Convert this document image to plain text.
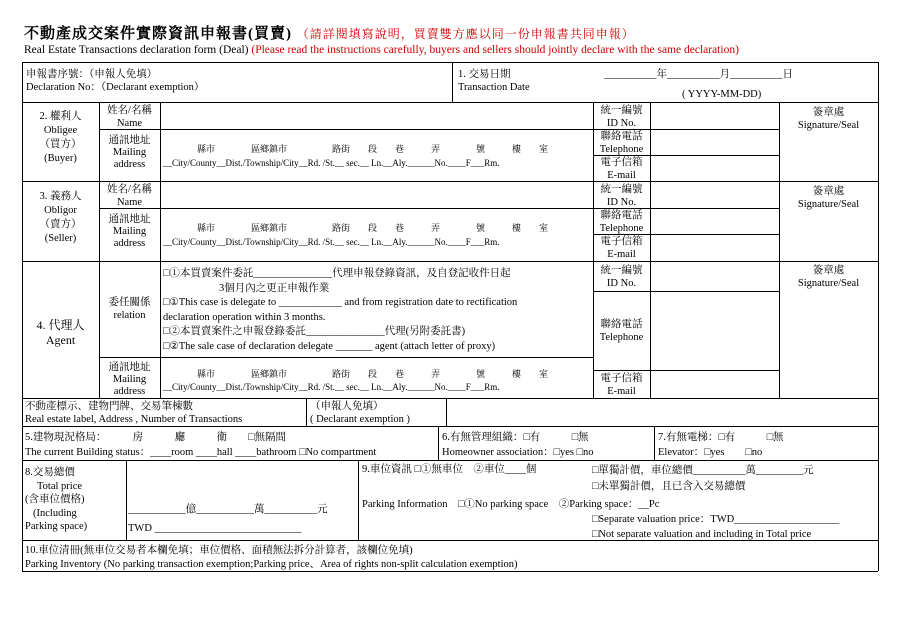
不動產成交案件實際資訊申報書(買賣) （請詳閱填寫說明，買賣雙方應以同一份申報書共同申報）
Real Estate Transactions declaration form (Deal) (Please read the instructions carefully, buyers and sellers should jointly declare with the same declaration)
申報書序號：（申報人免填）
Declaration No：（Declarant exemption）
1. 交易日期
Transaction Date
__________年__________月__________日
( YYYY-MM-DD)
2. 權利人
Obligee
（買方）
(Buyer)
姓名/名稱
Name
通訊地址
Mailing
address
縣市　　　　區鄉鎮市　　　　　路街　　段　　巷　　　弄　　　　號　　　樓　　室
__City/County__Dist./Township/City__Rd. /St.__ sec.__ Ln.__Aly.______No.____F___Rm.
統一編號
ID No.
聯絡電話
Telephone
電子信箱
E-mail
簽章處
Signature/Seal
3. 義務人
Obligor
（賣方）
(Seller)
姓名/名稱
Name
通訊地址
Mailing
address
縣市　　　　區鄉鎮市　　　　　路街　　段　　巷　　　弄　　　　號　　　樓　　室
__City/County__Dist./Township/City__Rd. /St.__ sec.__ Ln.__Aly.______No.____F___Rm.
統一編號
ID No.
聯絡電話
Telephone
電子信箱
E-mail
簽章處
Signature/Seal
4. 代理人
Agent
委任關係
relation
□①本買賣案件委託_______________代理申報登錄資訊，及自登記收件日起
3個月內之更正申報作業
□①This case is delegate to ____________ and from registration date to rectification
declaration operation within 3 months.
□②本買賣案件之申報登錄委託_______________代理(另附委託書)
□②The sale case of declaration delegate _______ agent (attach letter of proxy)
通訊地址
Mailing
address
縣市　　　　區鄉鎮市　　　　　路街　　段　　巷　　　弄　　　　號　　　樓　　室
__City/County__Dist./Township/City__Rd. /St.__ sec.__ Ln.__Aly.______No.____F___Rm.
統一編號
ID No.
聯絡電話
Telephone
電子信箱
E-mail
簽章處
Signature/Seal
不動產標示、建物門牌、交易筆棟數
Real estate label, Address , Number of Transactions
（申報人免填）
( Declarant exemption )
5.建物現況格局：　　　房　　　廳　　　衛　　□無隔間
The current Building status：____room ____hall ____bathroom □No compartment
6.有無管理組織：□有　　　□無
Homeowner association：□yes □no
7.有無電梯：□有　　　□無
Elevator：□yes　　□no
8.交易總價
Total price
(含車位價格)
(Including
Parking space)
___________億___________萬__________元
TWD ____________________________
9.車位資訊 □①無車位　②車位____個
Parking Information　□①No parking space　②Parking space：__Pc
□單獨計價，車位總價__________萬_________元
□未單獨計價，且已含入交易總價
□Separate valuation price：TWD____________________
□Not separate valuation and including in Total price
10.車位清冊(無車位交易者本欄免填；車位價格、面積無法拆分計算者，該欄位免填)
Parking Inventory (No parking transaction exemption;Parking price、Area of rights non-split calculation exemption)
